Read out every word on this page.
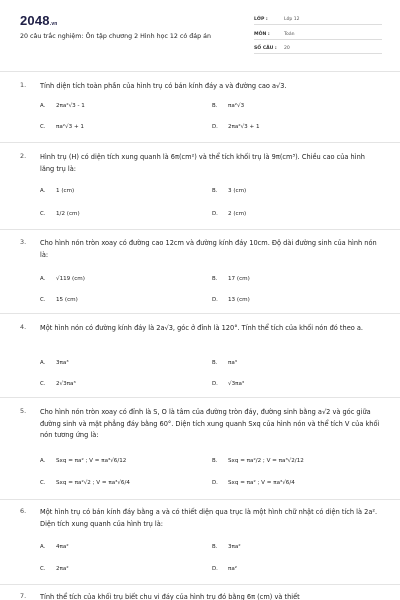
2048.vn
20 câu trắc nghiệm: Ôn tập chương 2 Hình học 12 có đáp án
LỚP :	Lớp 12
MÔN :	Toán
SỐ CÂU : 20
1. Tính diện tích toàn phần của hình trụ có bán kính đáy a và đường cao a√3.
A. 2πa²√3 - 1	B. πa²√3
C. πa²√3 + 1	D. 2πa²√3 + 1
2. Hình trụ (H) có diện tích xung quanh là 6π(cm²) và thể tích khối trụ là 9π(cm³). Chiều cao của hình lăng trụ là:
A. 1 (cm)	B. 3 (cm)
C. 1/2 (cm)	D. 2 (cm)
3. Cho hình nón tròn xoay có đường cao 12cm và đường kính đáy 10cm. Độ dài đường sinh của hình nón là:
A. √119 (cm)	B. 17 (cm)
C. 15 (cm)	D. 13 (cm)
4. Một hình nón có đường kính đáy là 2a√3, góc ở đỉnh là 120°. Tính thể tích của khối nón đó theo a.
A. 3πa³	B. πa³
C. 2√3πa³	D. √3πa³
5. Cho hình nón tròn xoay có đỉnh là S, O là tâm của đường tròn đáy, đường sinh bằng a√2 và góc giữa đường sinh và mặt phẳng đáy bằng 60°. Diện tích xung quanh Sxq của hình nón và thể tích V của khối nón tương ứng là:
A. Sxq = πa² ; V = πa³√6/12	B. Sxq = πa²/2 ; V = πa³√2/12
C. Sxq = πa²√2 ; V = πa³√6/4	D. Sxq = πa² ; V = πa³√6/4
6. Một hình trụ có bán kính đáy bằng a và có thiết diện qua trục là một hình chữ nhật có diện tích là 2a². Diện tích xung quanh của hình trụ là:
A. 4πa²	B. 3πa²
C. 2πa²	D. πa²
7. Tính thể tích của khối trụ biết chu vi đáy của hình trụ đó bằng 6π (cm) và thiết
